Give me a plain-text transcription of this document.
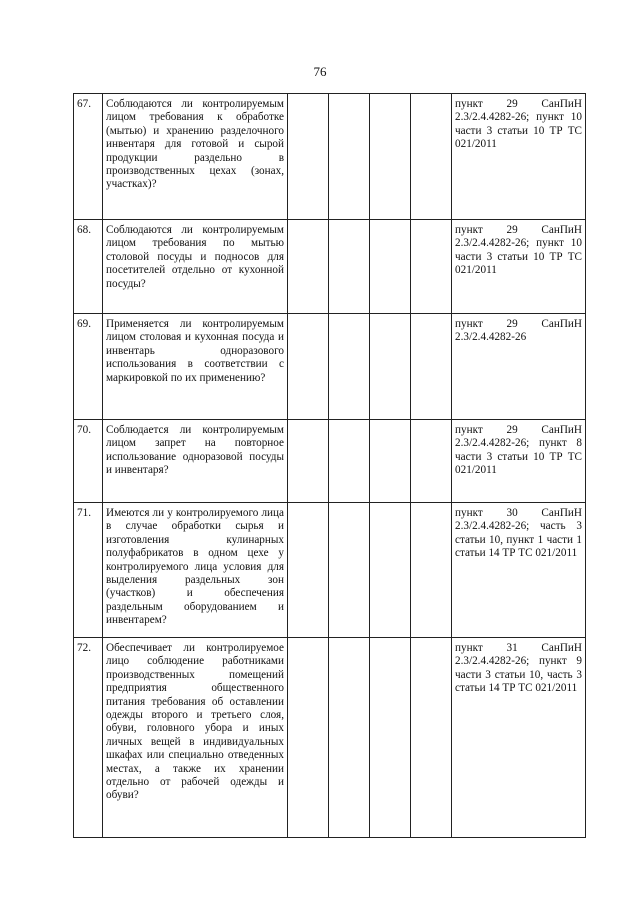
76
67.	Соблюдаются ли контролируемым лицом требования к обработке (мытью) и хранению разделочного инвентаря для готовой и сырой продукции раздельно в производственных цехах (зонах, участках)?					пункт 29 СанПиН 2.3/2.4.4282-26; пункт 10 части 3 статьи 10 ТР ТС 021/2011
68.	Соблюдаются ли контролируемым лицом требования по мытью столовой посуды и подносов для посетителей отдельно от кухонной посуды?					пункт 29 СанПиН 2.3/2.4.4282-26; пункт 10 части 3 статьи 10 ТР ТС 021/2011
69.	Применяется ли контролируемым лицом столовая и кухонная посуда и инвентарь одноразового использования в соответствии с маркировкой по их применению?					пункт 29 СанПиН 2.3/2.4.4282-26
70.	Соблюдается ли контролируемым лицом запрет на повторное использование одноразовой посуды и инвентаря?					пункт 29 СанПиН 2.3/2.4.4282-26; пункт 8 части 3 статьи 10 ТР ТС 021/2011
71.	Имеются ли у контролируемого лица в случае обработки сырья и изготовления кулинарных полуфабрикатов в одном цехе у контролируемого лица условия для выделения раздельных зон (участков) и обеспечения раздельным оборудованием и инвентарем?					пункт 30 СанПиН 2.3/2.4.4282-26; часть 3 статьи 10, пункт 1 части 1 статьи 14 ТР ТС 021/2011
72.	Обеспечивает ли контролируемое лицо соблюдение работниками производственных помещений предприятия общественного питания требования об оставлении одежды второго и третьего слоя, обуви, головного убора и иных личных вещей в индивидуальных шкафах или специально отведенных местах, а также их хранении отдельно от рабочей одежды и обуви?					пункт 31 СанПиН 2.3/2.4.4282-26; пункт 9 части 3 статьи 10, часть 3 статьи 14 ТР ТС 021/2011
